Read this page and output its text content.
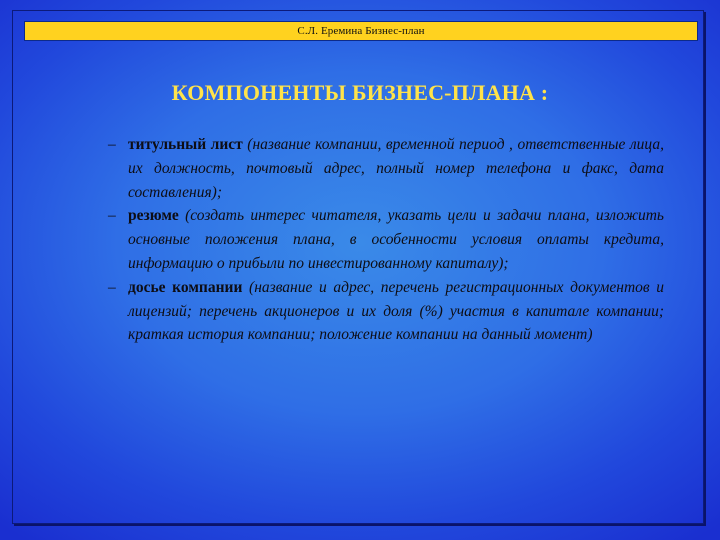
С.Л. Еремина Бизнес-план
КОМПОНЕНТЫ БИЗНЕС-ПЛАНА :
– титульный лист (название компании, временной период , ответственные лица, их должность, почтовый адрес, полный номер телефона и факс, дата составления);
– резюме (создать интерес читателя, указать цели и задачи плана, изложить основные положения плана, в особенности условия оплаты кредита, информацию о прибыли по инвестированному капиталу);
– досье компании (название и адрес, перечень регистрационных документов и лицензий; перечень акционеров и их доля (%) участия в капитале компании; краткая история компании; положение компании на данный момент)
